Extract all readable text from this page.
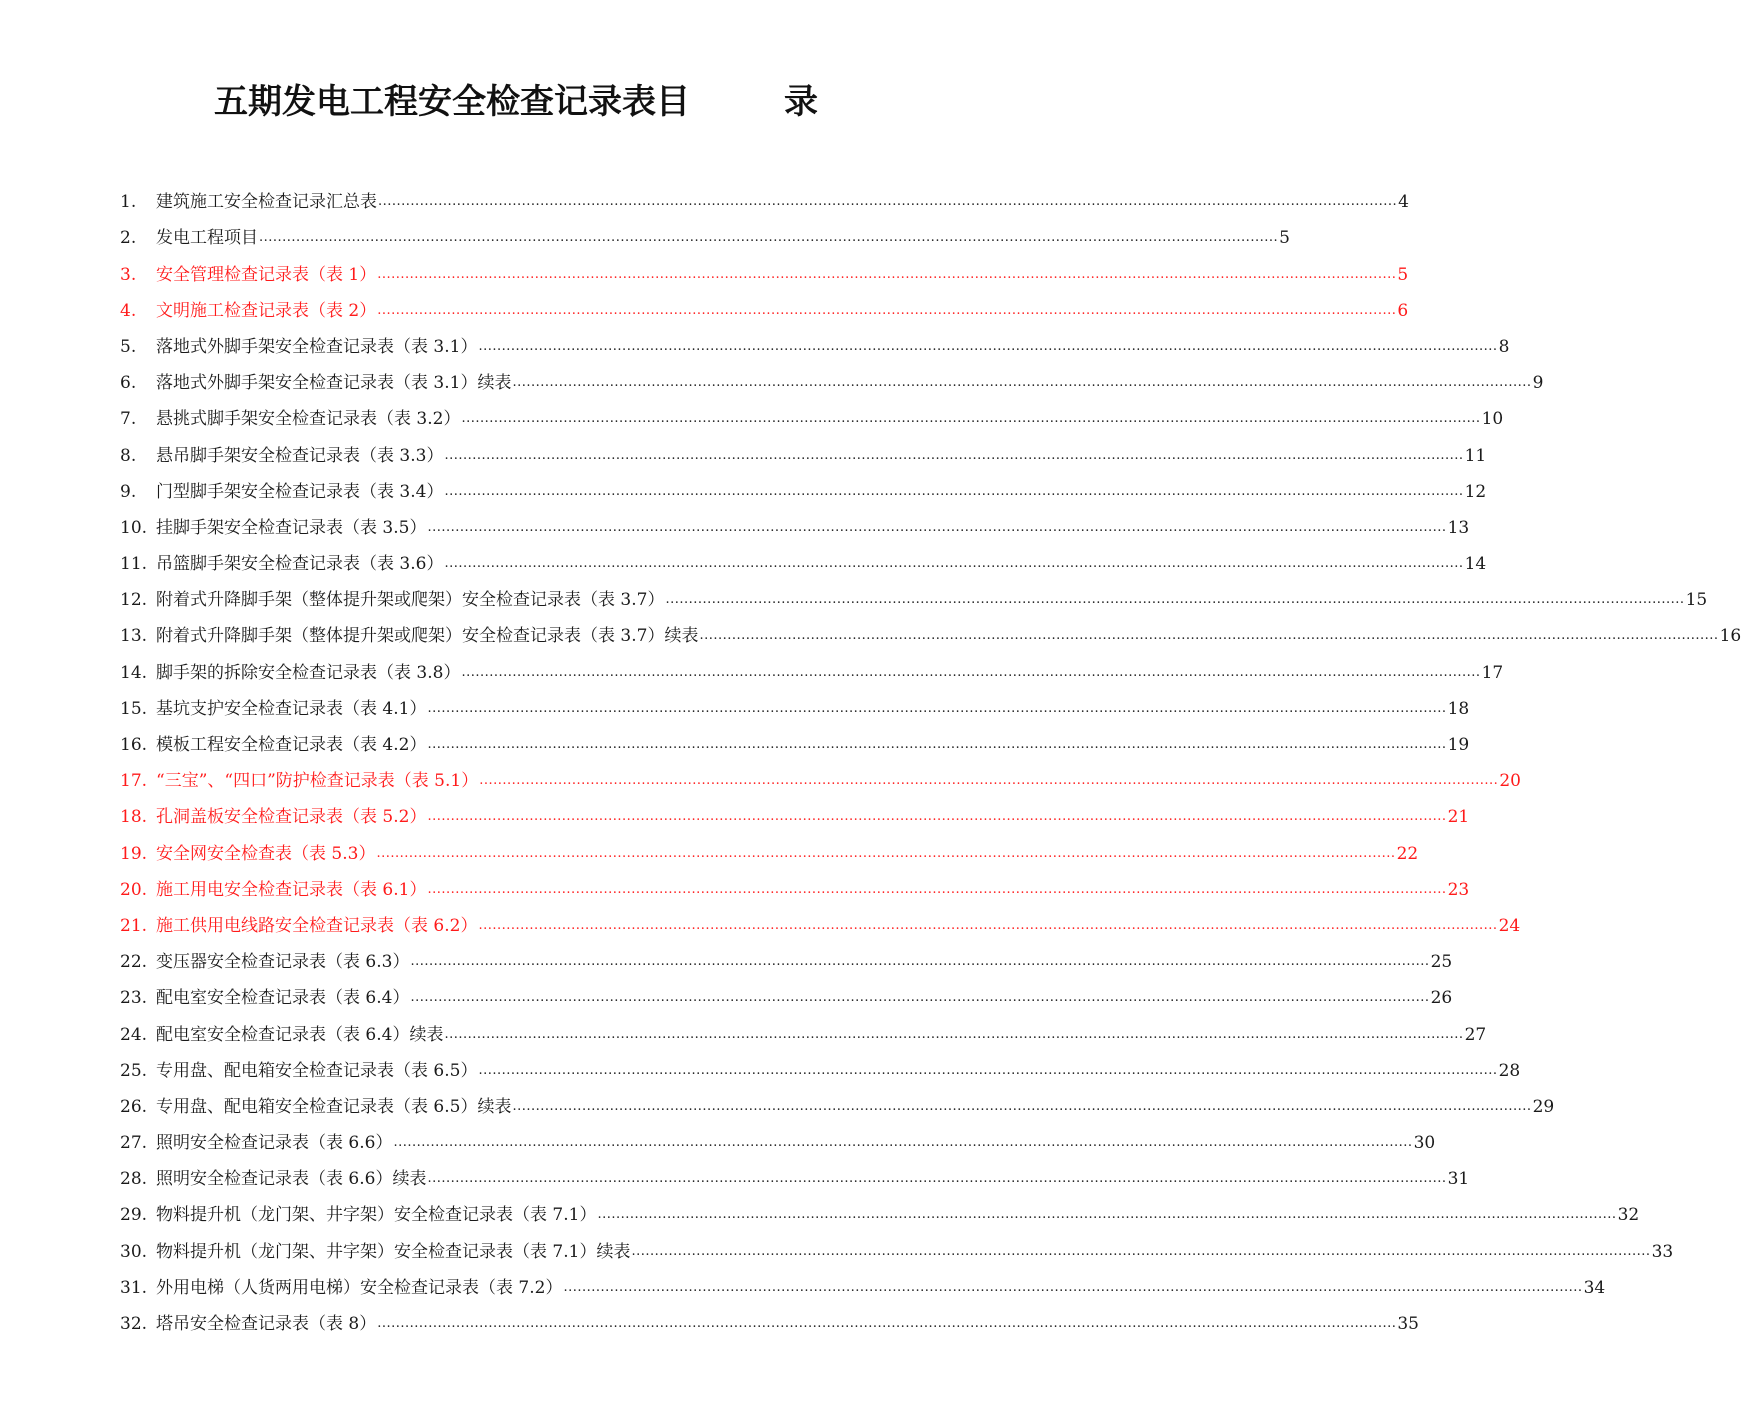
五期发电工程安全检查记录表目	录
1.	建筑施工安全检查记录汇总表 ............................................................................................................................................................................................................................ 4
2.	发电工程项目 ............................................................................................................................................................................................................................ 5
3.	安全管理检查记录表（表 1） ............................................................................................................................................................................................................................ 5
4.	文明施工检查记录表（表 2） ............................................................................................................................................................................................................................ 6
5.	落地式外脚手架安全检查记录表（表 3.1） ............................................................................................................................................................................................................................ 8
6.	落地式外脚手架安全检查记录表（表 3.1）续表 ............................................................................................................................................................................................................................ 9
7.	悬挑式脚手架安全检查记录表（表 3.2） ............................................................................................................................................................................................................................ 10
8.	悬吊脚手架安全检查记录表（表 3.3） ............................................................................................................................................................................................................................ 11
9.	门型脚手架安全检查记录表（表 3.4） ............................................................................................................................................................................................................................ 12
10. 挂脚手架安全检查记录表（表 3.5） ............................................................................................................................................................................................................................ 13
11. 吊篮脚手架安全检查记录表（表 3.6） ............................................................................................................................................................................................................................ 14
12. 附着式升降脚手架（整体提升架或爬架）安全检查记录表（表 3.7） ............................................................................................................................................................................................................................ 15
13. 附着式升降脚手架（整体提升架或爬架）安全检查记录表（表 3.7）续表 ............................................................................................................................................................................................................................ 16
14. 脚手架的拆除安全检查记录表（表 3.8） ............................................................................................................................................................................................................................ 17
15. 基坑支护安全检查记录表（表 4.1） ............................................................................................................................................................................................................................ 18
16. 模板工程安全检查记录表（表 4.2） ............................................................................................................................................................................................................................ 19
17. “三宝”、“四口”防护检查记录表（表 5.1） ............................................................................................................................................................................................................................ 20
18. 孔洞盖板安全检查记录表（表 5.2） ............................................................................................................................................................................................................................ 21
19. 安全网安全检查表（表 5.3） ............................................................................................................................................................................................................................ 22
20. 施工用电安全检查记录表（表 6.1） ............................................................................................................................................................................................................................ 23
21. 施工供用电线路安全检查记录表（表 6.2） ............................................................................................................................................................................................................................ 24
22. 变压器安全检查记录表（表 6.3） ............................................................................................................................................................................................................................ 25
23. 配电室安全检查记录表（表 6.4） ............................................................................................................................................................................................................................ 26
24. 配电室安全检查记录表（表 6.4）续表 ............................................................................................................................................................................................................................ 27
25. 专用盘、配电箱安全检查记录表（表 6.5） ............................................................................................................................................................................................................................ 28
26. 专用盘、配电箱安全检查记录表（表 6.5）续表 ............................................................................................................................................................................................................................ 29
27. 照明安全检查记录表（表 6.6） ............................................................................................................................................................................................................................ 30
28. 照明安全检查记录表（表 6.6）续表 ............................................................................................................................................................................................................................ 31
29. 物料提升机（龙门架、井字架）安全检查记录表（表 7.1） ............................................................................................................................................................................................................................ 32
30. 物料提升机（龙门架、井字架）安全检查记录表（表 7.1）续表 ............................................................................................................................................................................................................................ 33
31. 外用电梯（人货两用电梯）安全检查记录表（表 7.2） ............................................................................................................................................................................................................................ 34
32. 塔吊安全检查记录表（表 8） ............................................................................................................................................................................................................................ 35
